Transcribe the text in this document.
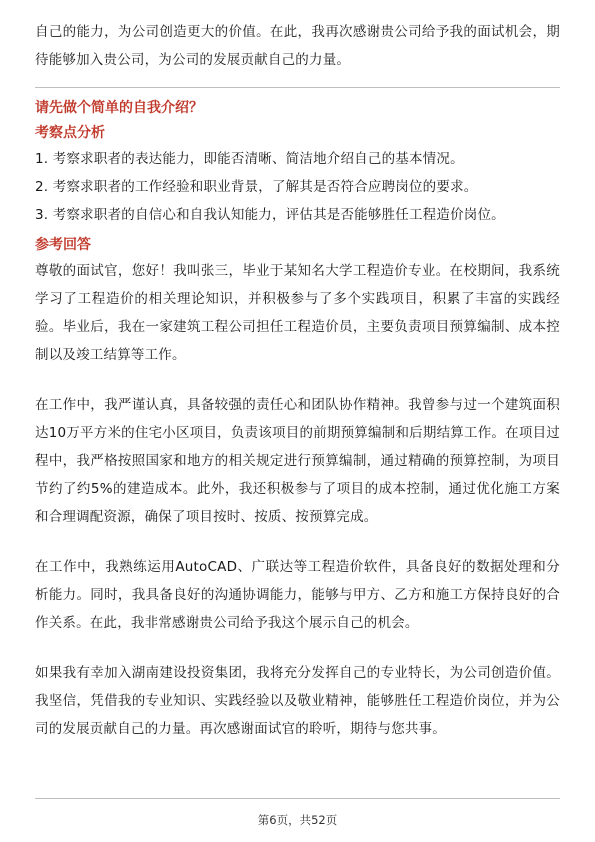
自己的能力，为公司创造更大的价值。在此，我再次感谢贵公司给予我的面试机会，期待能够加入贵公司，为公司的发展贡献自己的力量。

请先做个简单的自我介绍？

考察点分析

1. 考察求职者的表达能力，即能否清晰、简洁地介绍自己的基本情况。

2. 考察求职者的工作经验和职业背景，了解其是否符合应聘岗位的要求。

3. 考察求职者的自信心和自我认知能力，评估其是否能够胜任工程造价岗位。

参考回答

尊敬的面试官，您好！我叫张三，毕业于某知名大学工程造价专业。在校期间，我系统学习了工程造价的相关理论知识，并积极参与了多个实践项目，积累了丰富的实践经验。毕业后，我在一家建筑工程公司担任工程造价员，主要负责项目预算编制、成本控制以及竣工结算等工作。

在工作中，我严谨认真，具备较强的责任心和团队协作精神。我曾参与过一个建筑面积达10万平方米的住宅小区项目，负责该项目的前期预算编制和后期结算工作。在项目过程中，我严格按照国家和地方的相关规定进行预算编制，通过精确的预算控制，为项目节约了约5%的建造成本。此外，我还积极参与了项目的成本控制，通过优化施工方案和合理调配资源，确保了项目按时、按质、按预算完成。

在工作中，我熟练运用AutoCAD、广联达等工程造价软件，具备良好的数据处理和分析能力。同时，我具备良好的沟通协调能力，能够与甲方、乙方和施工方保持良好的合作关系。在此，我非常感谢贵公司给予我这个展示自己的机会。

如果我有幸加入湖南建设投资集团，我将充分发挥自己的专业特长，为公司创造价值。我坚信，凭借我的专业知识、实践经验以及敬业精神，能够胜任工程造价岗位，并为公司的发展贡献自己的力量。再次感谢面试官的聆听，期待与您共事。

第6页，共52页
